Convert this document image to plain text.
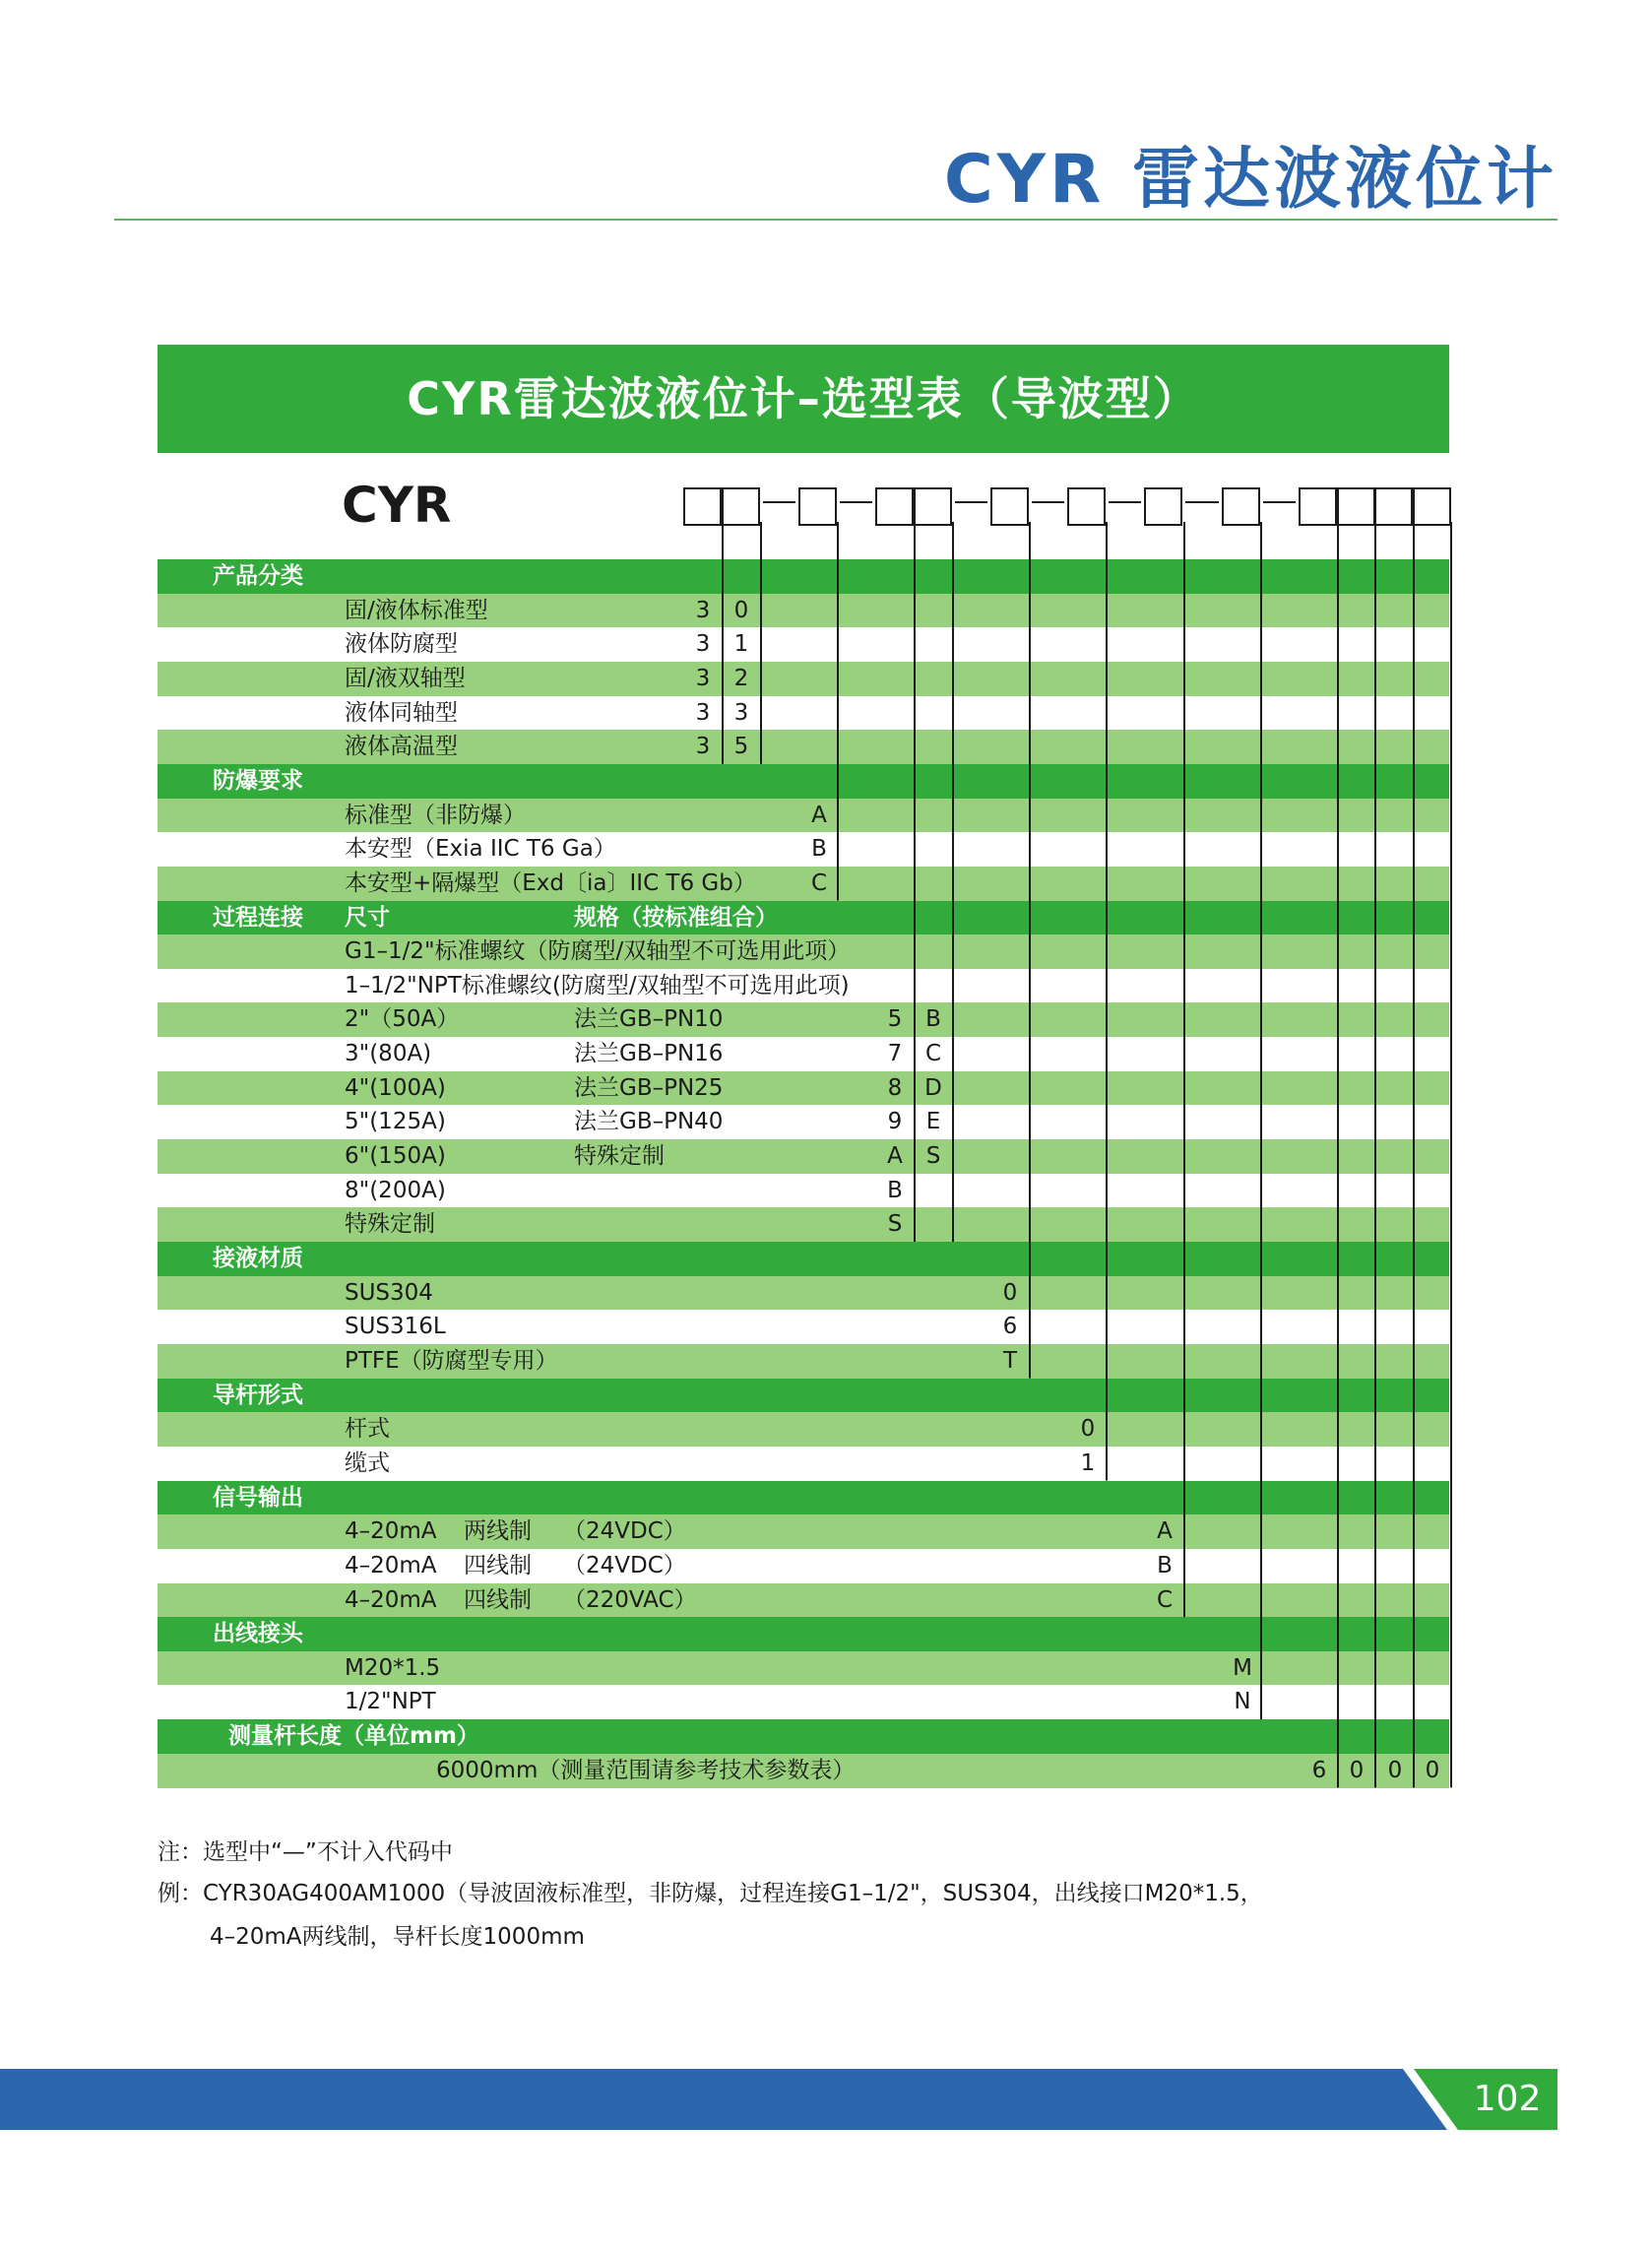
CYR 雷达波液位计
CYR雷达波液位计–选型表（导波型）
CYR
产品分类
固/液体标准型	3	0
液体防腐型	3	1
固/液双轴型	3	2
液体同轴型	3	3
液体高温型	3	5
防爆要求
标准型（非防爆）	A
本安型（Exia IIC T6 Ga）	B
本安型+隔爆型（Exd〔ia〕IIC T6 Gb）	C
过程连接 尺寸	规格（按标准组合）
G1–1/2"标准螺纹（防腐型/双轴型不可选用此项）
1–1/2"NPT标准螺纹(防腐型/双轴型不可选用此项)
2"（50A）	法兰GB–PN10	5	B
3"(80A)	法兰GB–PN16	7	C
4"(100A)	法兰GB–PN25	8 D
5"(125A)	法兰GB–PN40	9	E
6"(150A)	特殊定制	A	S
8"(200A)	B
特殊定制	S
接液材质
SUS304	0
SUS316L	6
PTFE（防腐型专用）	T
导杆形式
杆式	0
缆式	1
信号输出
4–20mA 两线制 （24VDC）	A
4–20mA 四线制 （24VDC）	B
4–20mA 四线制 （220VAC）	C
出线接头
M20*1.5	M
1/2"NPT	N
测量杆长度（单位mm）
6000mm（测量范围请参考技术参数表）	6	0	0	0
注：选型中“—”不计入代码中
例：CYR30AG400AM1000（导波固液标准型，非防爆，过程连接G1–1/2"，SUS304，出线接口M20*1.5，
4–20mA两线制，导杆长度1000mm
102
